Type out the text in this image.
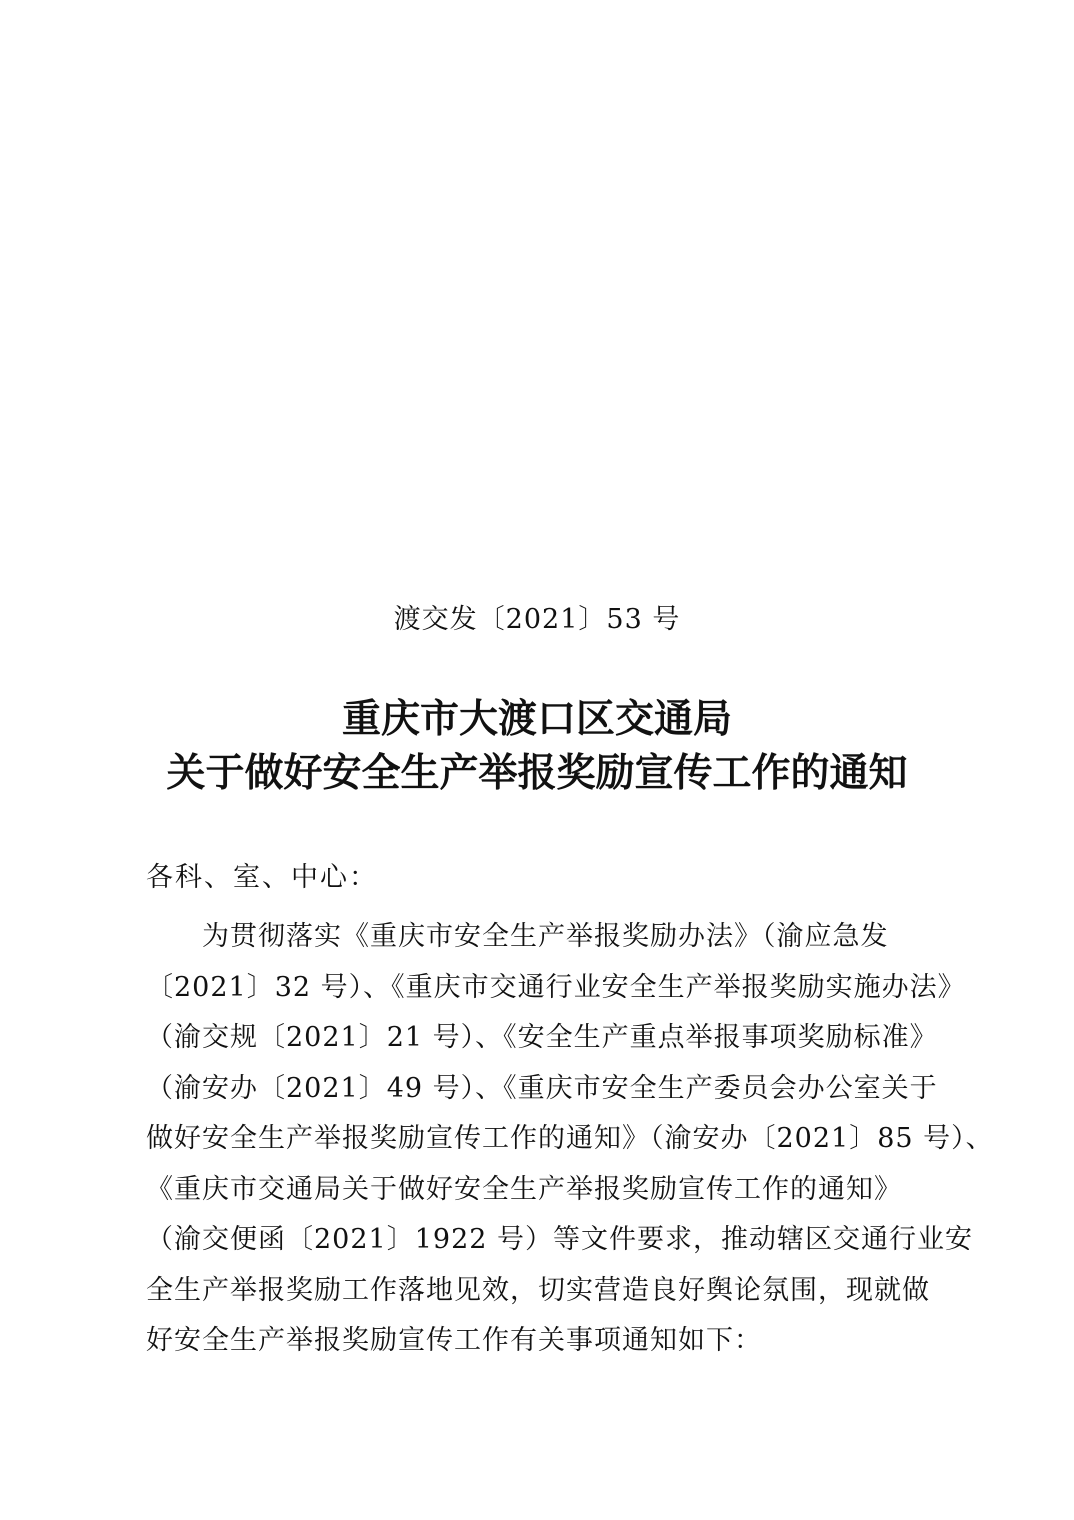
渡交发〔2021〕53 号
重庆市大渡口区交通局
关于做好安全生产举报奖励宣传工作的通知
各科、室、中心：
为贯彻落实《重庆市安全生产举报奖励办法》（渝应急发
〔2021〕32 号）、《重庆市交通行业安全生产举报奖励实施办法》
（渝交规〔2021〕21 号）、《安全生产重点举报事项奖励标准》
（渝安办〔2021〕49 号）、《重庆市安全生产委员会办公室关于
做好安全生产举报奖励宣传工作的通知》（渝安办〔2021〕85 号）、
《重庆市交通局关于做好安全生产举报奖励宣传工作的通知》
（渝交便函〔2021〕1922 号）等文件要求，推动辖区交通行业安
全生产举报奖励工作落地见效，切实营造良好舆论氛围，现就做
好安全生产举报奖励宣传工作有关事项通知如下：
